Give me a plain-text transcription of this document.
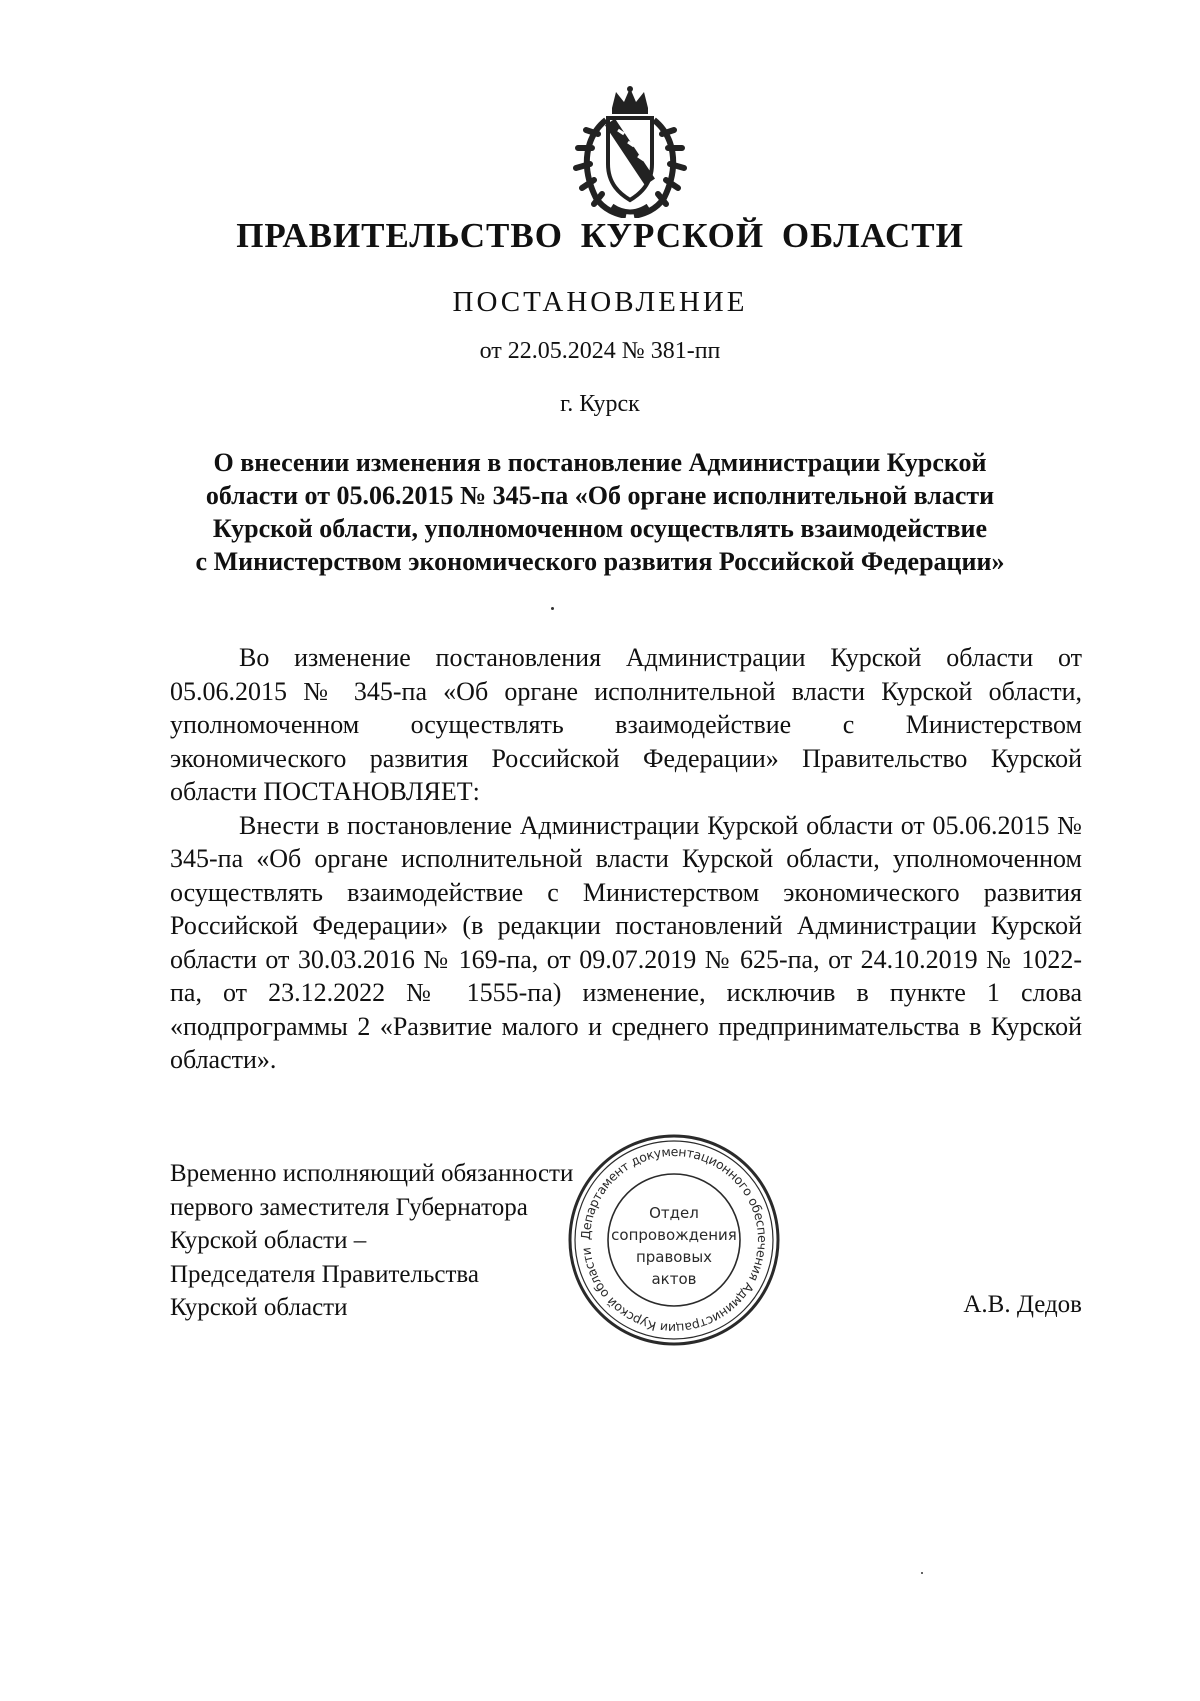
ПРАВИТЕЛЬСТВО КУРСКОЙ ОБЛАСТИ
ПОСТАНОВЛЕНИЕ
от 22.05.2024 № 381-пп
г. Курск
О внесении изменения в постановление Администрации Курской
области от 05.06.2015 № 345-па «Об органе исполнительной власти
Курской области, уполномоченном осуществлять взаимодействие
с Министерством экономического развития Российской Федерации»

Во изменение постановления Администрации Курской области от 05.06.2015 № 345-па «Об органе исполнительной власти Курской области, уполномоченном осуществлять взаимодействие с Министерством экономического развития Российской Федерации» Правительство Курской области ПОСТАНОВЛЯЕТ:

Внести в постановление Администрации Курской области от 05.06.2015 № 345-па «Об органе исполнительной власти Курской области, уполномоченном осуществлять взаимодействие с Министерством экономического развития Российской Федерации» (в редакции постановлений Администрации Курской области от 30.03.2016 № 169-па, от 09.07.2019 № 625-па, от 24.10.2019 № 1022-па, от 23.12.2022 № 1555-па) изменение, исключив в пункте 1 слова «подпрограммы 2 «Развитие малого и среднего предпринимательства в Курской области».

Временно исполняющий обязанности
первого заместителя Губернатора
Курской области –
Председателя Правительства
Курской области
Департамент документационного обеспечения Администрации Курской области
Отдел
сопровождения
правовых
актов
А.В. Дедов
